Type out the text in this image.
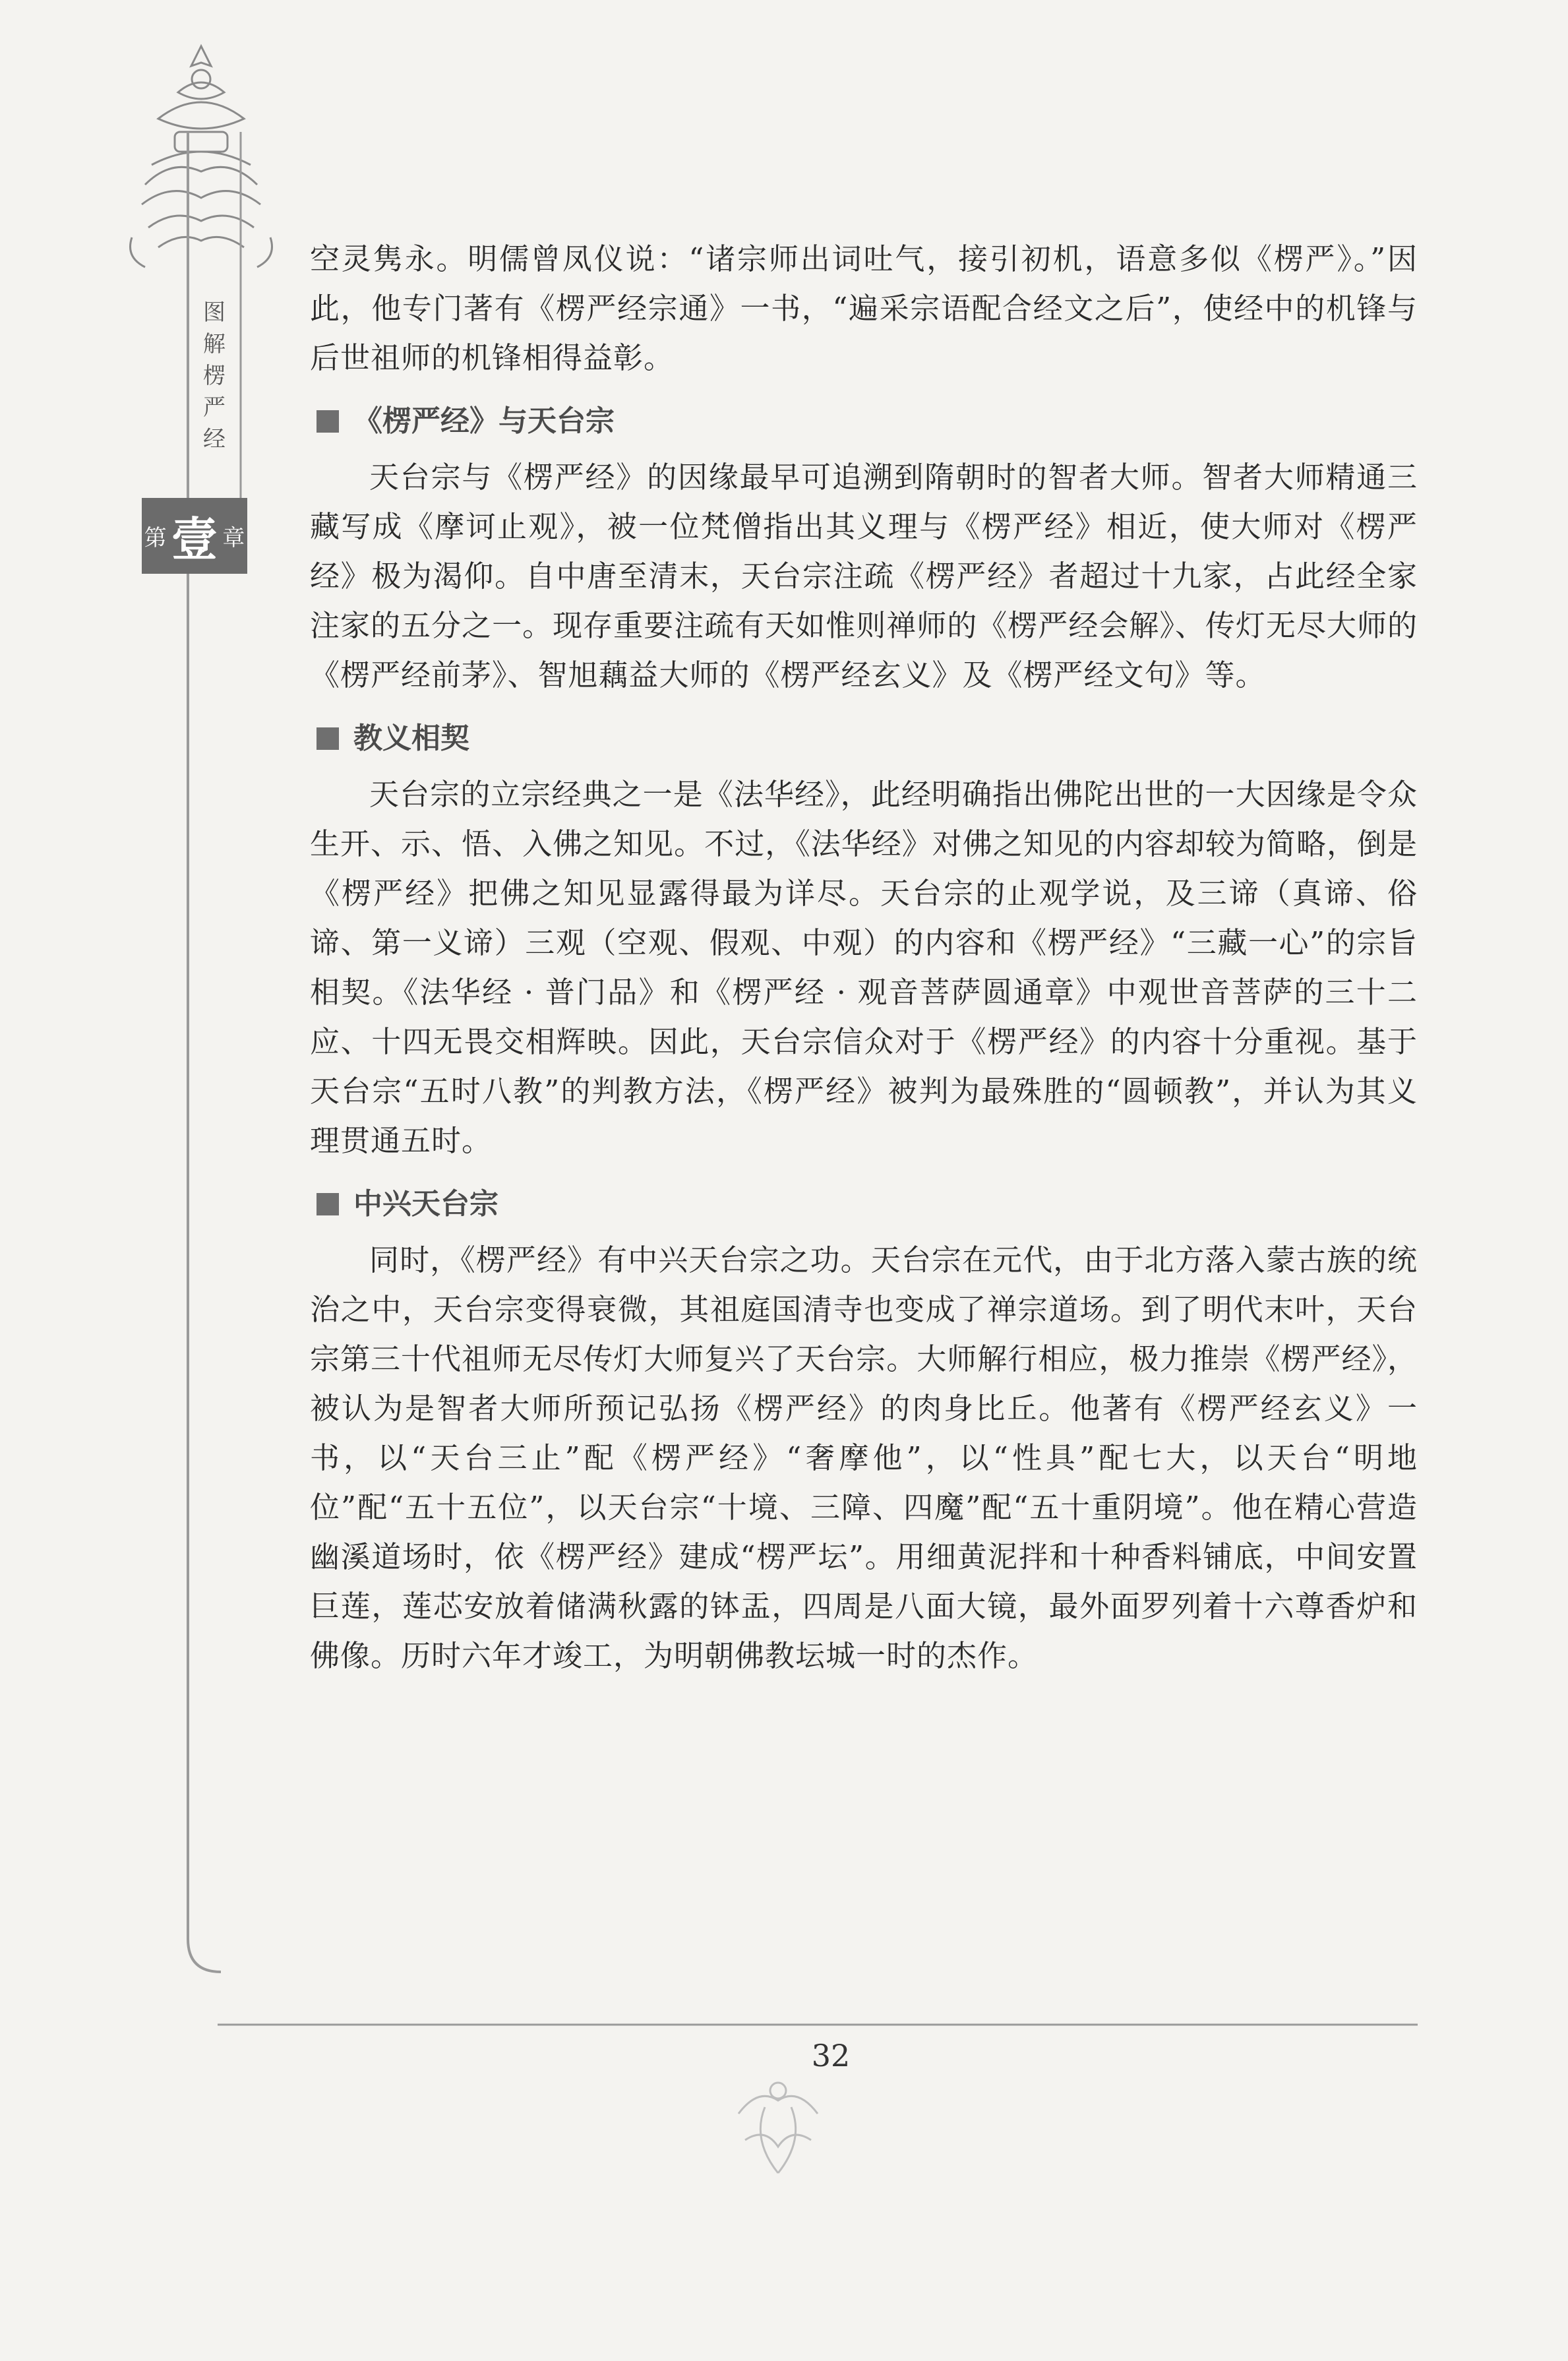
图
解
楞
严
经
第 壹 章

空灵隽永。明儒曾凤仪说：“诸宗师出词吐气，接引初机，语意多似《楞严》。”因此，他专门著有《楞严经宗通》一书，“遍采宗语配合经文之后”，使经中的机锋与后世祖师的机锋相得益彰。

《楞严经》与天台宗

天台宗与《楞严经》的因缘最早可追溯到隋朝时的智者大师。智者大师精通三藏写成《摩诃止观》，被一位梵僧指出其义理与《楞严经》相近，使大师对《楞严经》极为渴仰。自中唐至清末，天台宗注疏《楞严经》者超过十九家，占此经全家注家的五分之一。现存重要注疏有天如惟则禅师的《楞严经会解》、传灯无尽大师的《楞严经前茅》、智旭藕益大师的《楞严经玄义》及《楞严经文句》等。

教义相契

天台宗的立宗经典之一是《法华经》，此经明确指出佛陀出世的一大因缘是令众生开、示、悟、入佛之知见。不过，《法华经》对佛之知见的内容却较为简略，倒是《楞严经》把佛之知见显露得最为详尽。天台宗的止观学说，及三谛（真谛、俗谛、第一义谛）三观（空观、假观、中观）的内容和《楞严经》“三藏一心”的宗旨相契。《法华经 · 普门品》和《楞严经 · 观音菩萨圆通章》中观世音菩萨的三十二应、十四无畏交相辉映。因此，天台宗信众对于《楞严经》的内容十分重视。基于天台宗“五时八教”的判教方法，《楞严经》被判为最殊胜的“圆顿教”，并认为其义理贯通五时。

中兴天台宗

同时，《楞严经》有中兴天台宗之功。天台宗在元代，由于北方落入蒙古族的统治之中，天台宗变得衰微，其祖庭国清寺也变成了禅宗道场。到了明代末叶，天台宗第三十代祖师无尽传灯大师复兴了天台宗。大师解行相应，极力推崇《楞严经》，被认为是智者大师所预记弘扬《楞严经》的肉身比丘。他著有《楞严经玄义》一书，以“天台三止”配《楞严经》“奢摩他”，以“性具”配七大，以天台“明地位”配“五十五位”，以天台宗“十境、三障、四魔”配“五十重阴境”。他在精心营造幽溪道场时，依《楞严经》建成“楞严坛”。用细黄泥拌和十种香料铺底，中间安置巨莲，莲芯安放着储满秋露的钵盂，四周是八面大镜，最外面罗列着十六尊香炉和佛像。历时六年才竣工，为明朝佛教坛城一时的杰作。

32
